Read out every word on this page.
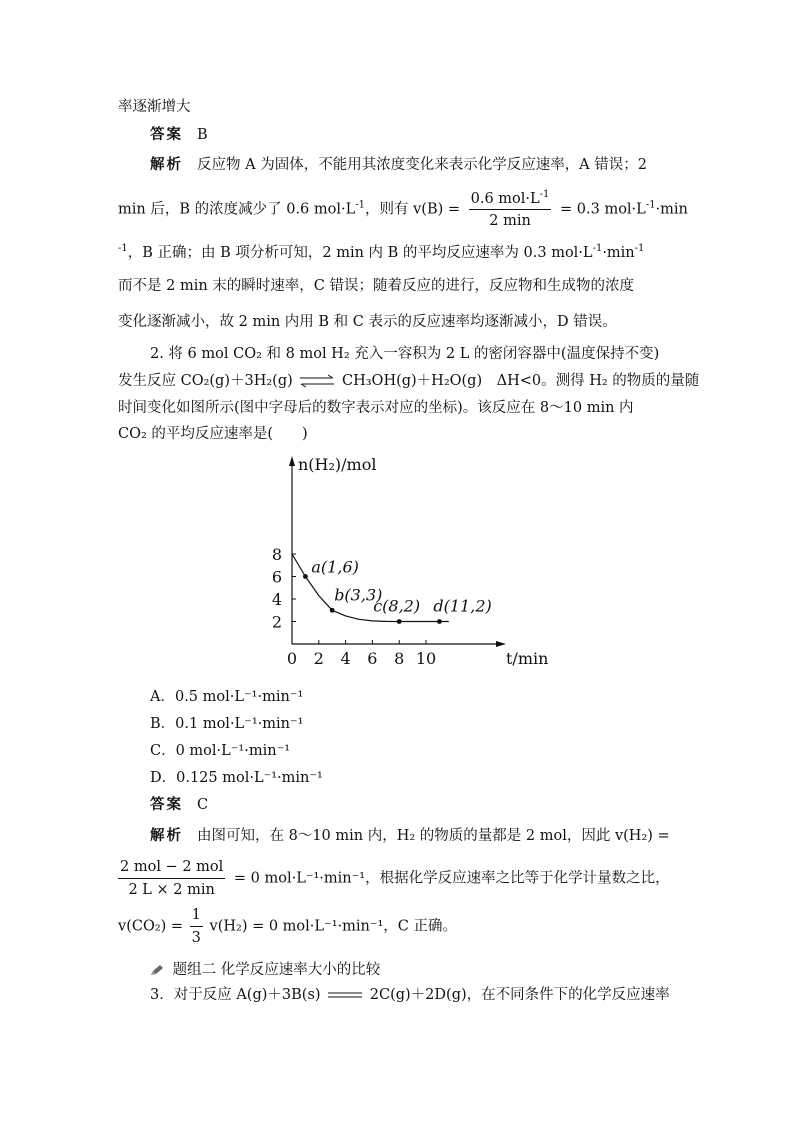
率逐渐增大
答案 B
解析 反应物 A 为固体，不能用其浓度变化来表示化学反应速率，A 错误；2
min 后，B 的浓度减少了 0.6 $mol\cdot L^{-1}$，则有 $v(B) = \frac{0.6 mol\cdot L^{-1}}{2 \min} = 0.3$ $mol\cdot L^{-1}\cdot\min$
$^{-1}$，B 正确；由 B 项分析可知，2 min 内 B 的平均反应速率为 0.3 $mol\cdot L^{-1}\cdot\min^{-1}$
而不是 2 min 末的瞬时速率，C 错误；随着反应的进行，反应物和生成物的浓度
变化逐渐减小，故 2 min 内用 B 和 C 表示的反应速率均逐渐减小，D 错误。
2. 将 6 mol CO₂ 和 8 mol H₂ 充入一容积为 2 L 的密闭容器中(温度保持不变)
发生反应 CO₂(g)＋3H₂(g) ⇌ CH₃OH(g)＋H₂O(g)　ΔH<0。测得 H₂ 的物质的量随
时间变化如图所示(图中字母后的数字表示对应的坐标)。该反应在 8～10 min 内
CO₂ 的平均反应速率是(　　)
n(H₂)/mol
t/min
0 2 4 6 8 10
2
4
6
8
a(1,6)
b(3,3)
c(8,2) d(11,2)
A．0.5 mol·L⁻¹·min⁻¹
B．0.1 mol·L⁻¹·min⁻¹
C．0 mol·L⁻¹·min⁻¹
D．0.125 mol·L⁻¹·min⁻¹
答案 C
解析 由图可知，在 8～10 min 内，H₂ 的物质的量都是 2 mol，因此 v(H₂) =
$\frac{\text{2 mol − 2 mol}}{2 L \times 2 \min} = 0$ mol·L⁻¹·min⁻¹，根据化学反应速率之比等于化学计量数之比，
$v(CO_2) = \frac{1}{3} v(H_2) = 0$ mol·L⁻¹·min⁻¹，C 正确。
题组二 化学反应速率大小的比较
3．对于反应 A(g)＋3B(s)	2C(g)＋2D(g)，在不同条件下的化学反应速率
